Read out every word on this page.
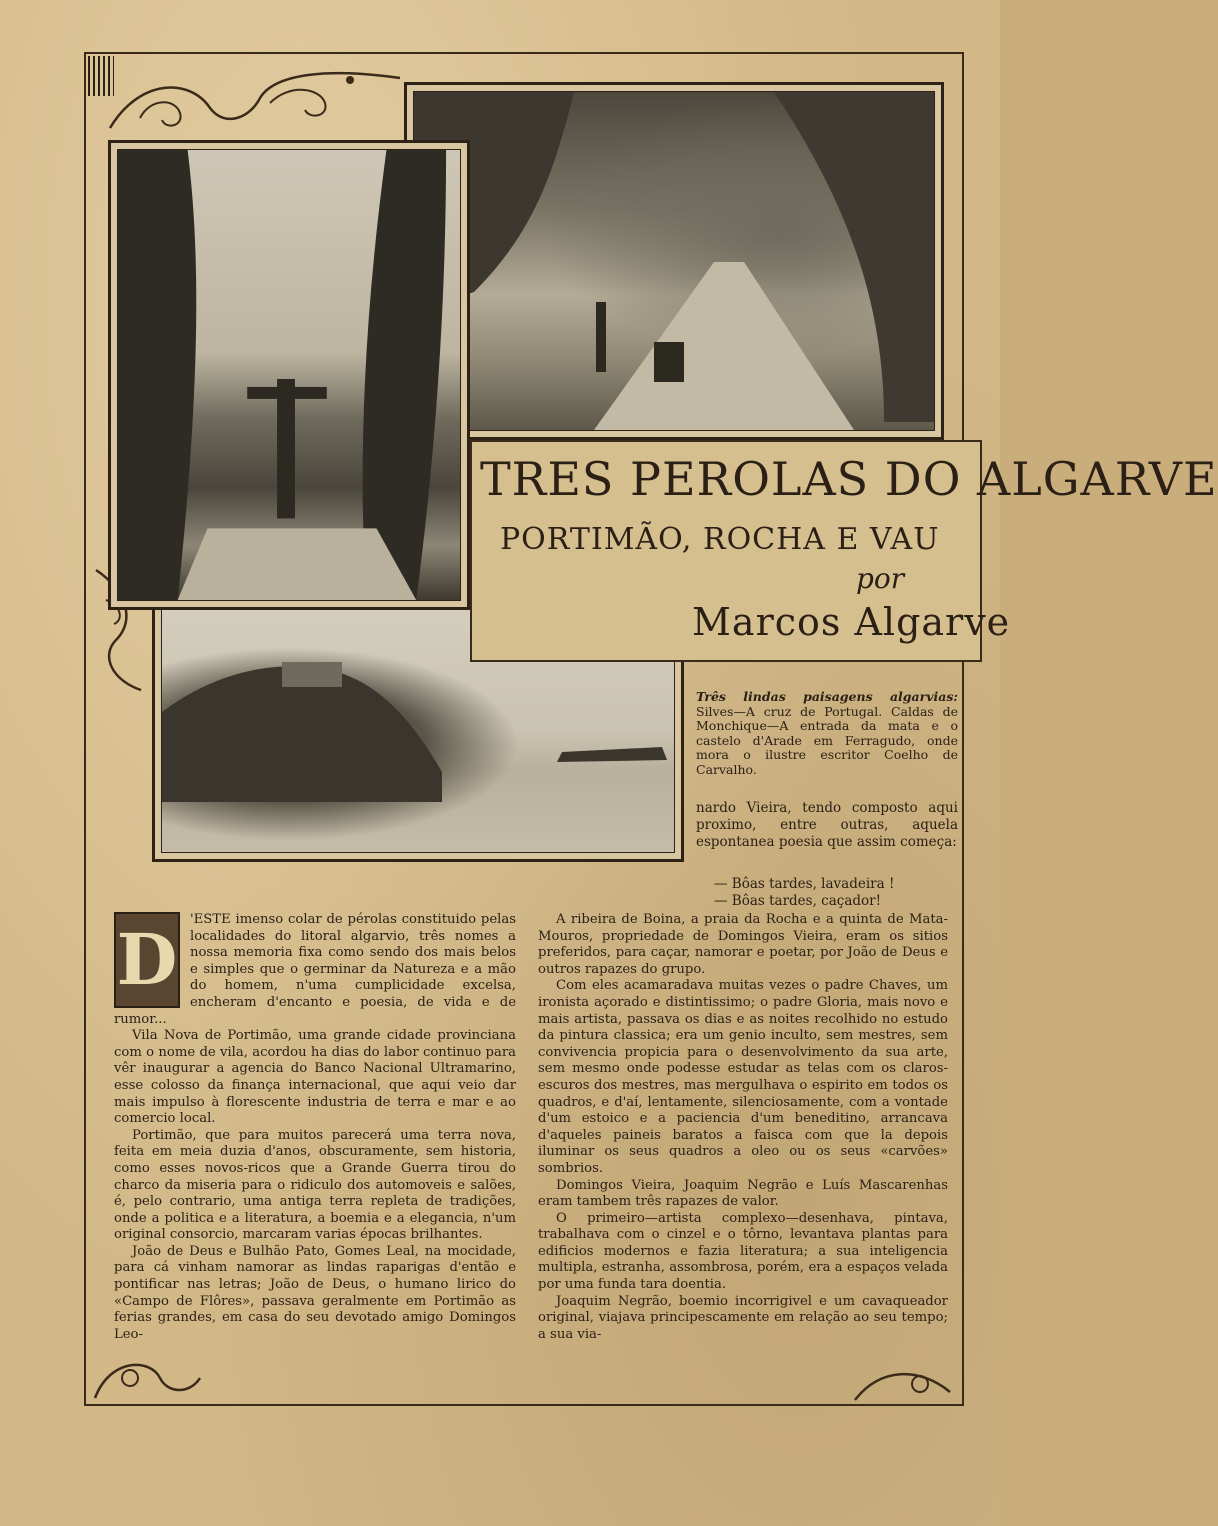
TRES PEROLAS DO ALGARVE
PORTIMÃO, ROCHA E VAU
por
Marcos Algarve
Três lindas paisagens algarvias: Silves—A cruz de Portugal. Caldas de Monchique—A entrada da mata e o castelo d'Arade em Ferragudo, onde mora o ilustre escritor Coelho de Carvalho.

nardo Vieira, tendo composto aqui proximo, entre outras, aquela espontanea poesia que assim começa:

— Bôas tardes, lavadeira !
— Bôas tardes, caçador!

D 'ESTE imenso colar de pérolas constituido pelas localidades do litoral algarvio, três nomes a nossa memoria fixa como sendo dos mais belos e simples que o germinar da Natureza e a mão do homem, n'uma cumplicidade excelsa, encheram d'encanto e poesia, de vida e de rumor...

Vila Nova de Portimão, uma grande cidade provinciana com o nome de vila, acordou ha dias do labor continuo para vêr inaugurar a agencia do Banco Nacional Ultramarino, esse colosso da finança internacional, que aqui veio dar mais impulso à florescente industria de terra e mar e ao comercio local.

Portimão, que para muitos parecerá uma terra nova, feita em meia duzia d'anos, obscuramente, sem historia, como esses novos-ricos que a Grande Guerra tirou do charco da miseria para o ridiculo dos automoveis e salões, é, pelo contrario, uma antiga terra repleta de tradições, onde a politica e a literatura, a boemia e a elegancia, n'um original consorcio, marcaram varias épocas brilhantes.

João de Deus e Bulhão Pato, Gomes Leal, na mocidade, para cá vinham namorar as lindas raparigas d'então e pontificar nas letras; João de Deus, o humano lirico do «Campo de Flôres», passava geralmente em Portimão as ferias grandes, em casa do seu devotado amigo Domingos Leo-

A ribeira de Boina, a praia da Rocha e a quinta de Mata-Mouros, propriedade de Domingos Vieira, eram os sitios preferidos, para caçar, namorar e poetar, por João de Deus e outros rapazes do grupo.

Com eles acamaradava muitas vezes o padre Chaves, um ironista açorado e distintissimo; o padre Gloria, mais novo e mais artista, passava os dias e as noites recolhido no estudo da pintura classica; era um genio inculto, sem mestres, sem convivencia propicia para o desenvolvimento da sua arte, sem mesmo onde podesse estudar as telas com os claros-escuros dos mestres, mas mergulhava o espirito em todos os quadros, e d'aí, lentamente, silenciosamente, com a vontade d'um estoico e a paciencia d'um beneditino, arrancava d'aqueles paineis baratos a faisca com que la depois iluminar os seus quadros a oleo ou os seus «carvões» sombrios.

Domingos Vieira, Joaquim Negrão e Luís Mascarenhas eram tambem três rapazes de valor.

O primeiro—artista complexo—desenhava, pintava, trabalhava com o cinzel e o tôrno, levantava plantas para edificios modernos e fazia literatura; a sua inteligencia multipla, estranha, assombrosa, porém, era a espaços velada por uma funda tara doentia.

Joaquim Negrão, boemio incorrigivel e um cavaqueador original, viajava principescamente em relação ao seu tempo; a sua via-
